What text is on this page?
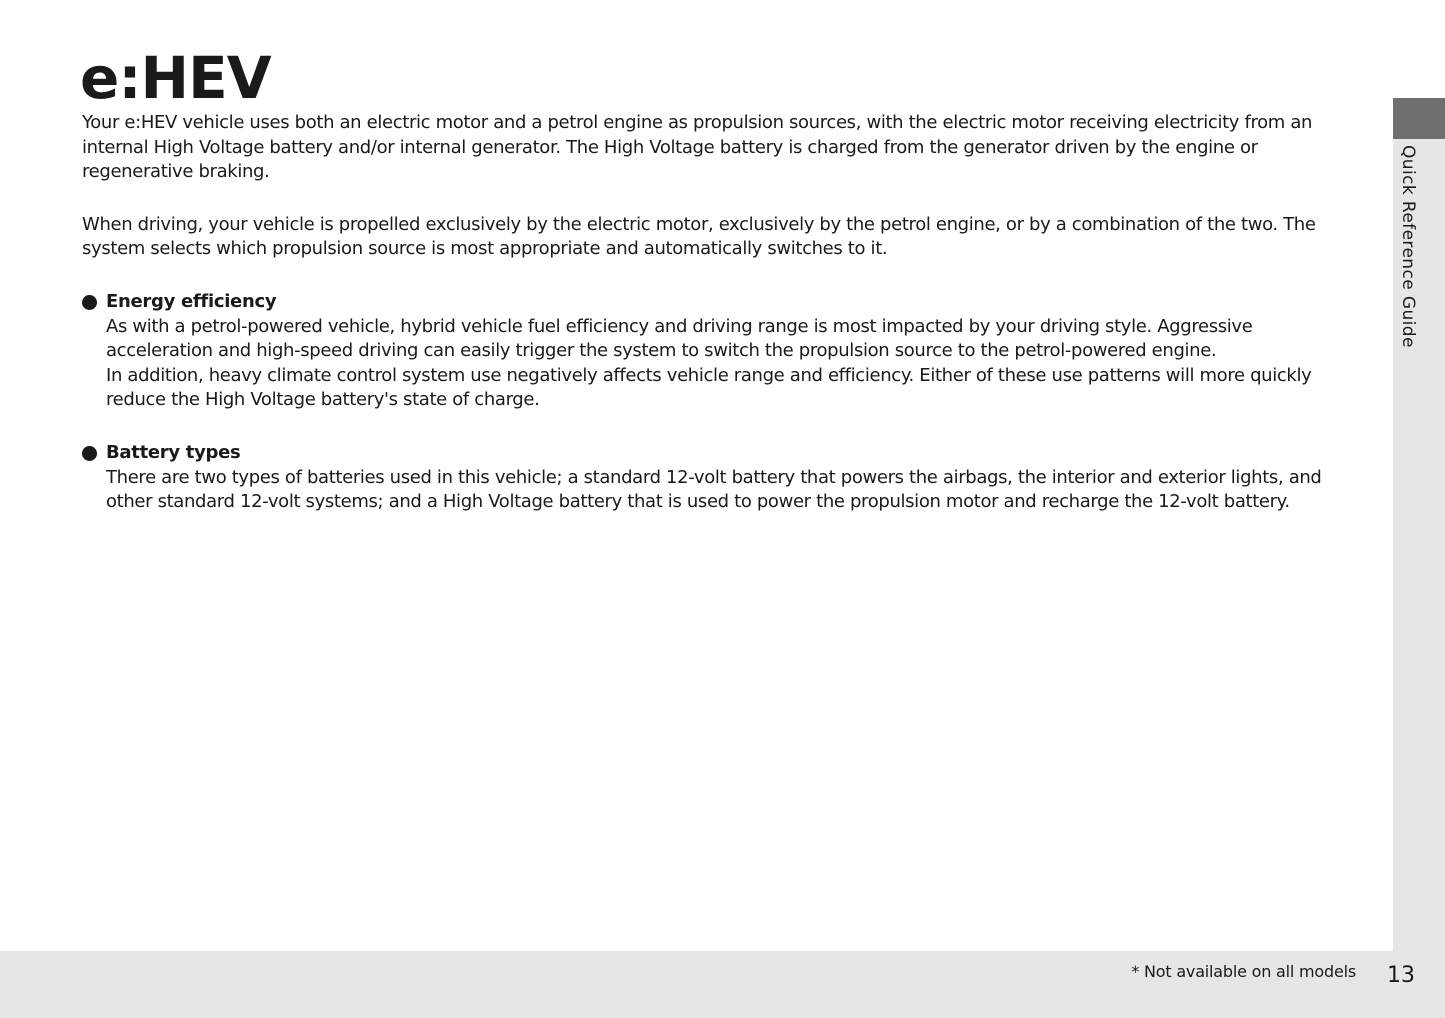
e:HEV

Your e:HEV vehicle uses both an electric motor and a petrol engine as propulsion sources, with the electric motor receiving electricity from an internal High Voltage battery and/or internal generator. The High Voltage battery is charged from the generator driven by the engine or regenerative braking.

When driving, your vehicle is propelled exclusively by the electric motor, exclusively by the petrol engine, or by a combination of the two. The system selects which propulsion source is most appropriate and automatically switches to it.

Energy efficiency

As with a petrol-powered vehicle, hybrid vehicle fuel efficiency and driving range is most impacted by your driving style. Aggressive acceleration and high-speed driving can easily trigger the system to switch the propulsion source to the petrol-powered engine.

In addition, heavy climate control system use negatively affects vehicle range and efficiency. Either of these use patterns will more quickly reduce the High Voltage battery's state of charge.

Battery types

There are two types of batteries used in this vehicle; a standard 12-volt battery that powers the airbags, the interior and exterior lights, and other standard 12-volt systems; and a High Voltage battery that is used to power the propulsion motor and recharge the 12-volt battery.

Quick Reference Guide
* Not available on all models 13
